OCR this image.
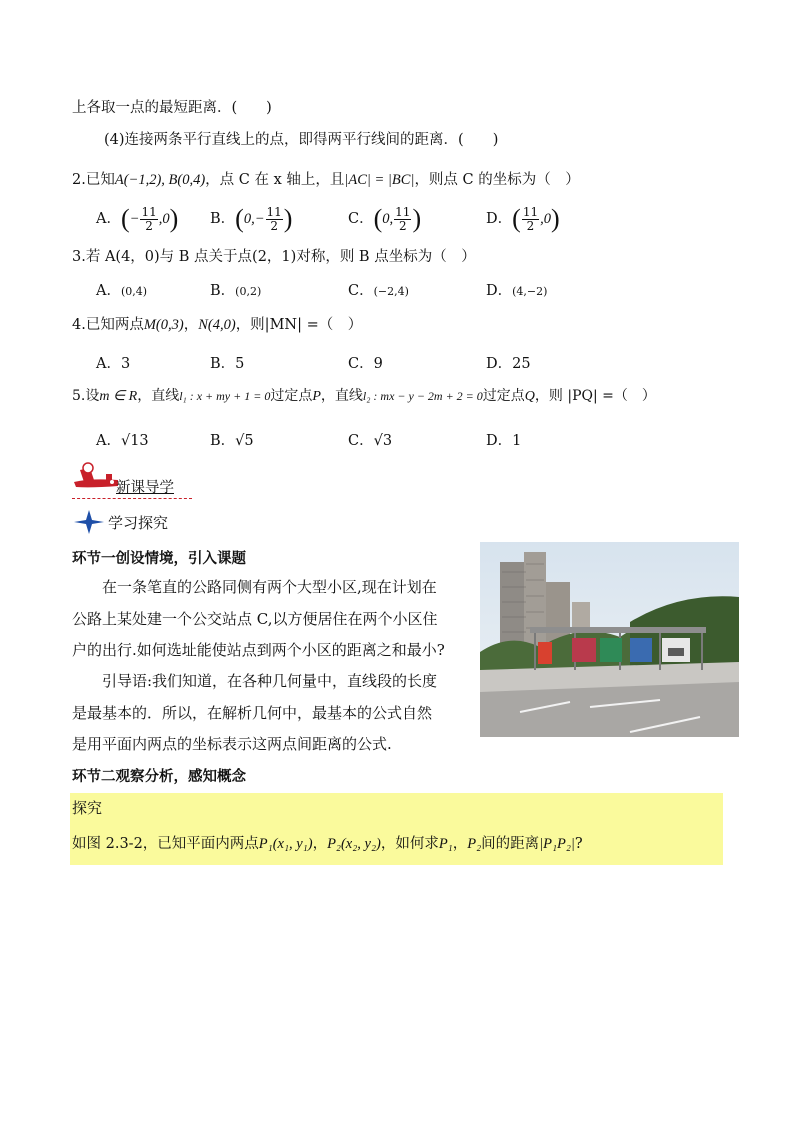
上各取一点的最短距离．(　　)
(4)连接两条平行直线上的点，即得两平行线间的距离．(　　)
2.已知A(−1,2), B(0,4)，点 C 在 x 轴上，且|AC| = |BC|，则点 C 的坐标为（　）
A．(− $\frac{11}{2} ,0$) B．($0,- \frac{11}{2}$ )	C．(0, $\frac{11}{2}$ )	D．( $\frac{11}{2} ,0$)
3.若 A(4，0)与 B 点关于点(2，1)对称，则 B 点坐标为（　）
A．(0,4)	B．(0,2)	C．(−2,4)	D．(4,−2)
4.已知两点M(0,3)，N(4,0)，则|MN| =（　）
A．3	B．5	C．9	D．25
5.设m ∈ R，直线l₁ : x + my + 1 = 0过定点P，直线l₂ : mx − y − 2m + 2 = 0过定点Q，则 |PQ| =（　）
A．√13	B．√5	C．√3	D．1
新课导学
学习探究
环节一创设情境，引入课题
　　在一条笔直的公路同侧有两个大型小区,现在计划在
公路上某处建一个公交站点 C,以方便居住在两个小区住
户的出行.如何选址能使站点到两个小区的距离之和最小?
　　引导语:我们知道，在各种几何量中，直线段的长度
是最基本的．所以，在解析几何中，最基本的公式自然
是用平面内两点的坐标表示这两点间距离的公式.
环节二观察分析，感知概念
探究
如图 2.3-2，已知平面内两点P₁(x₁, y₁)，P₂(x₂, y₂)，如何求P₁，P₂间的距离|P₁P₂|?
